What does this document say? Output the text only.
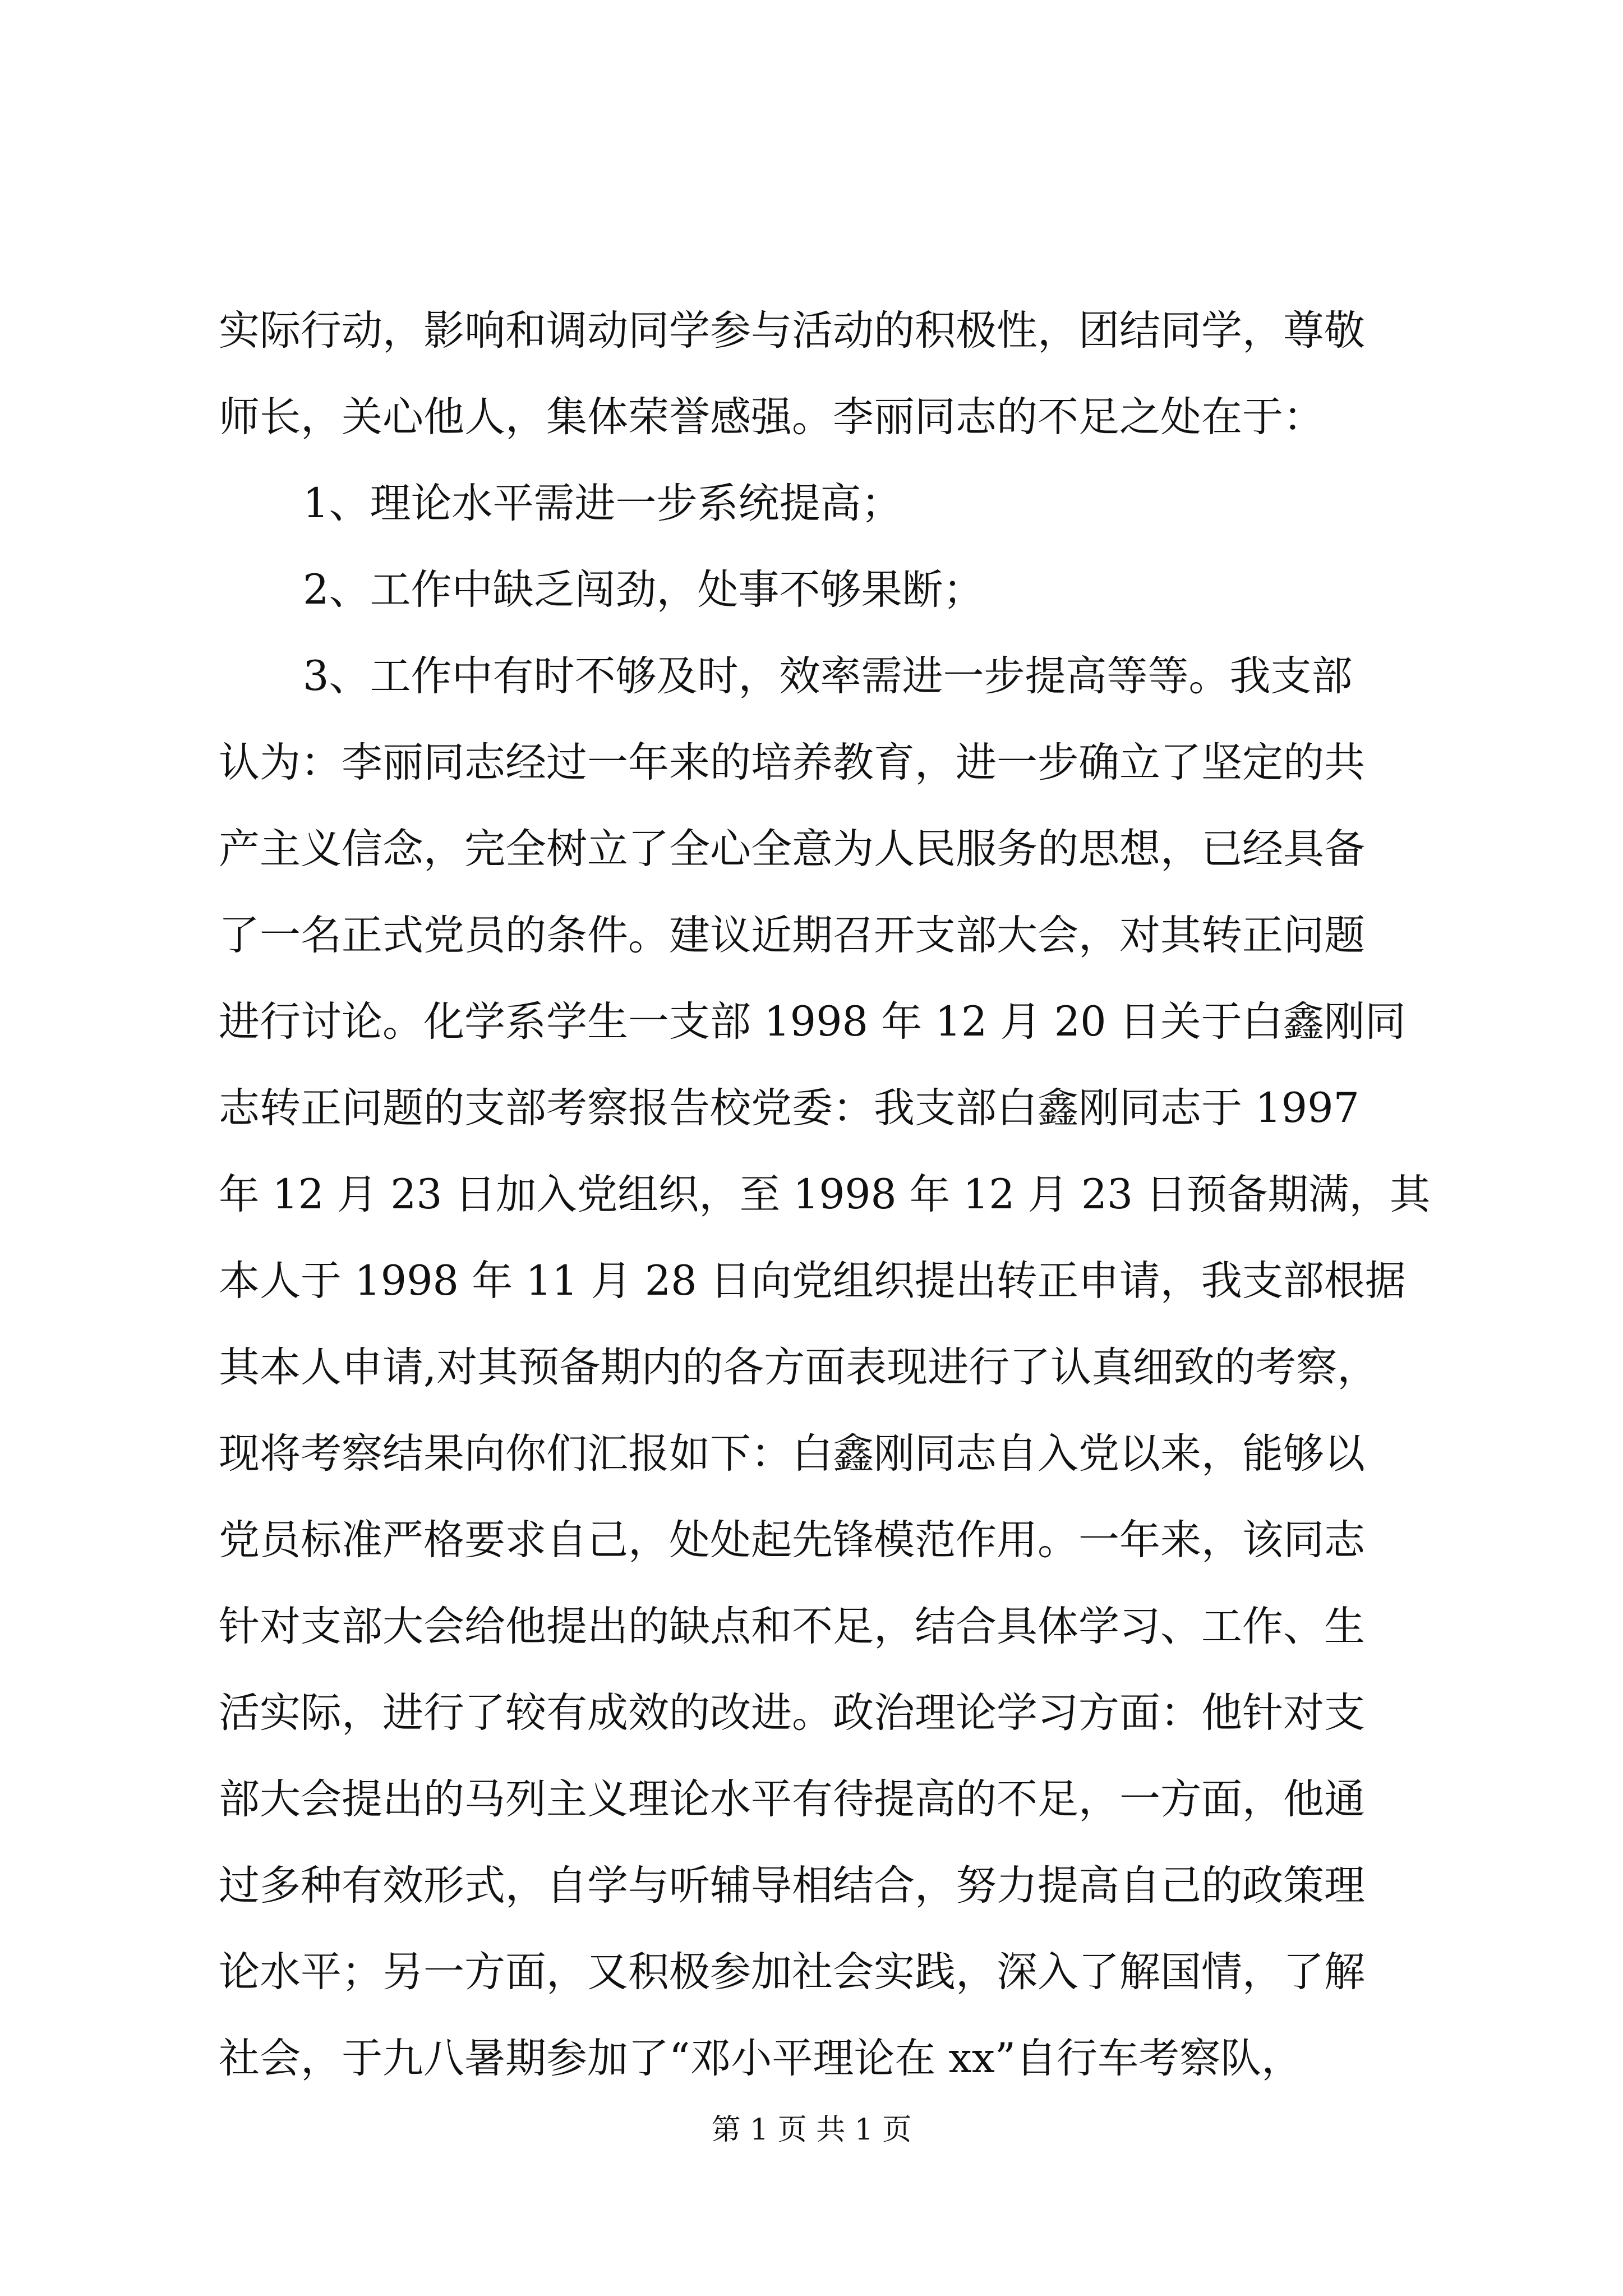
实际行动，影响和调动同学参与活动的积极性，团结同学，尊敬
师长，关心他人，集体荣誉感强。李丽同志的不足之处在于：
1、理论水平需进一步系统提高；
2、工作中缺乏闯劲，处事不够果断；
3、工作中有时不够及时，效率需进一步提高等等。我支部
认为：李丽同志经过一年来的培养教育，进一步确立了坚定的共
产主义信念，完全树立了全心全意为人民服务的思想，已经具备
了一名正式党员的条件。建议近期召开支部大会，对其转正问题
进行讨论。化学系学生一支部 1998 年 12 月 20 日关于白鑫刚同
志转正问题的支部考察报告校党委：我支部白鑫刚同志于 1997
年 12 月 23 日加入党组织，至 1998 年 12 月 23 日预备期满，其
本人于 1998 年 11 月 28 日向党组织提出转正申请，我支部根据
其本人申请,对其预备期内的各方面表现进行了认真细致的考察，
现将考察结果向你们汇报如下：白鑫刚同志自入党以来，能够以
党员标准严格要求自己，处处起先锋模范作用。一年来，该同志
针对支部大会给他提出的缺点和不足，结合具体学习、工作、生
活实际，进行了较有成效的改进。政治理论学习方面：他针对支
部大会提出的马列主义理论水平有待提高的不足，一方面，他通
过多种有效形式，自学与听辅导相结合，努力提高自己的政策理
论水平；另一方面，又积极参加社会实践，深入了解国情，了解
社会，于九八暑期参加了“邓小平理论在 xx”自行车考察队，
第 1 页 共 1 页
